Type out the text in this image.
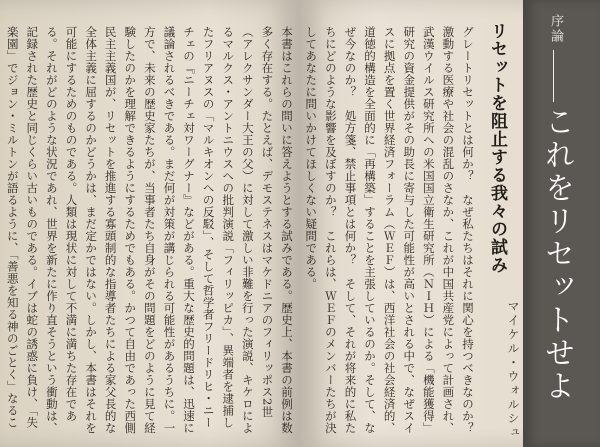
本書はこれらの問いに答えようとする試みである。歴史上、本書の前例は数多く存在する。たとえば、デモステネスはマケドニアのフィリッポス2世（アレクサンダー大王の父）に対して激しい非難を行った演説、キケロによるマルクス・アントニウスへの批判演説「フィリッピカ」、異端者を逮捕したフリアヌスの「マルキオンへの反駁」、そして哲学者フリードリヒ・ニーチェの『ニーチェ対ワーグナー』などがある。重大な歴史的問題は、迅速に議論されるべきである。まだ何が対策が講じられる可能性があるうちに。一方で、未来の歴史家たちが、当事者たち自身がその問題をどのように見て経験したのかを理解できるようにするためでもある。かつて自由であった西側民主主義国が、リセットを推進する寡頭制的な指導者たちによる家父長的な全体主義に屈するのかどうかは、まだ定かではない。しかし、本書はそれを可能にするためのものである。人類は現状に対して不満に満ちた存在である。それがどのような状況であれ、世界を新たに作り直そうという衝動は、記録された歴史と同じくらい古いものである。イブは蛇の誘惑に負け、「失楽園」でジョン・ミルトンが語るように、「善悪を知る神のごとく」なるこ	グレートリセットとは何か？　なぜ私たちはそれに関心を持つべきなのか？　激動する医療や社会の混乱のさなか、これが中国共産党によって計画され、武漢ウイルス研究所への米国国立衛生研究所（ＮＩＨ）による「機能獲得」研究の資金提供がその助長に寄与した可能性が高いとされる中で、なぜスイスに拠点を置く世界経済フォーラム（ＷＥＦ）は、西洋社会の社会経済的、道徳的構造を全面的に「再構築」することを主張しているのか。そして、なぜ今なのか？　処方箋、禁止事項とは何か？　そして、それが将来的に私たちにどのような影響を及ぼすのか？　これらは、ＷＥＦのメンバーたちが決してあなたに問いかけてほしくない疑問である。	リセットを阻止する我々の試み
マイケル・ウォルシュ
序論
これをリセットせよ
